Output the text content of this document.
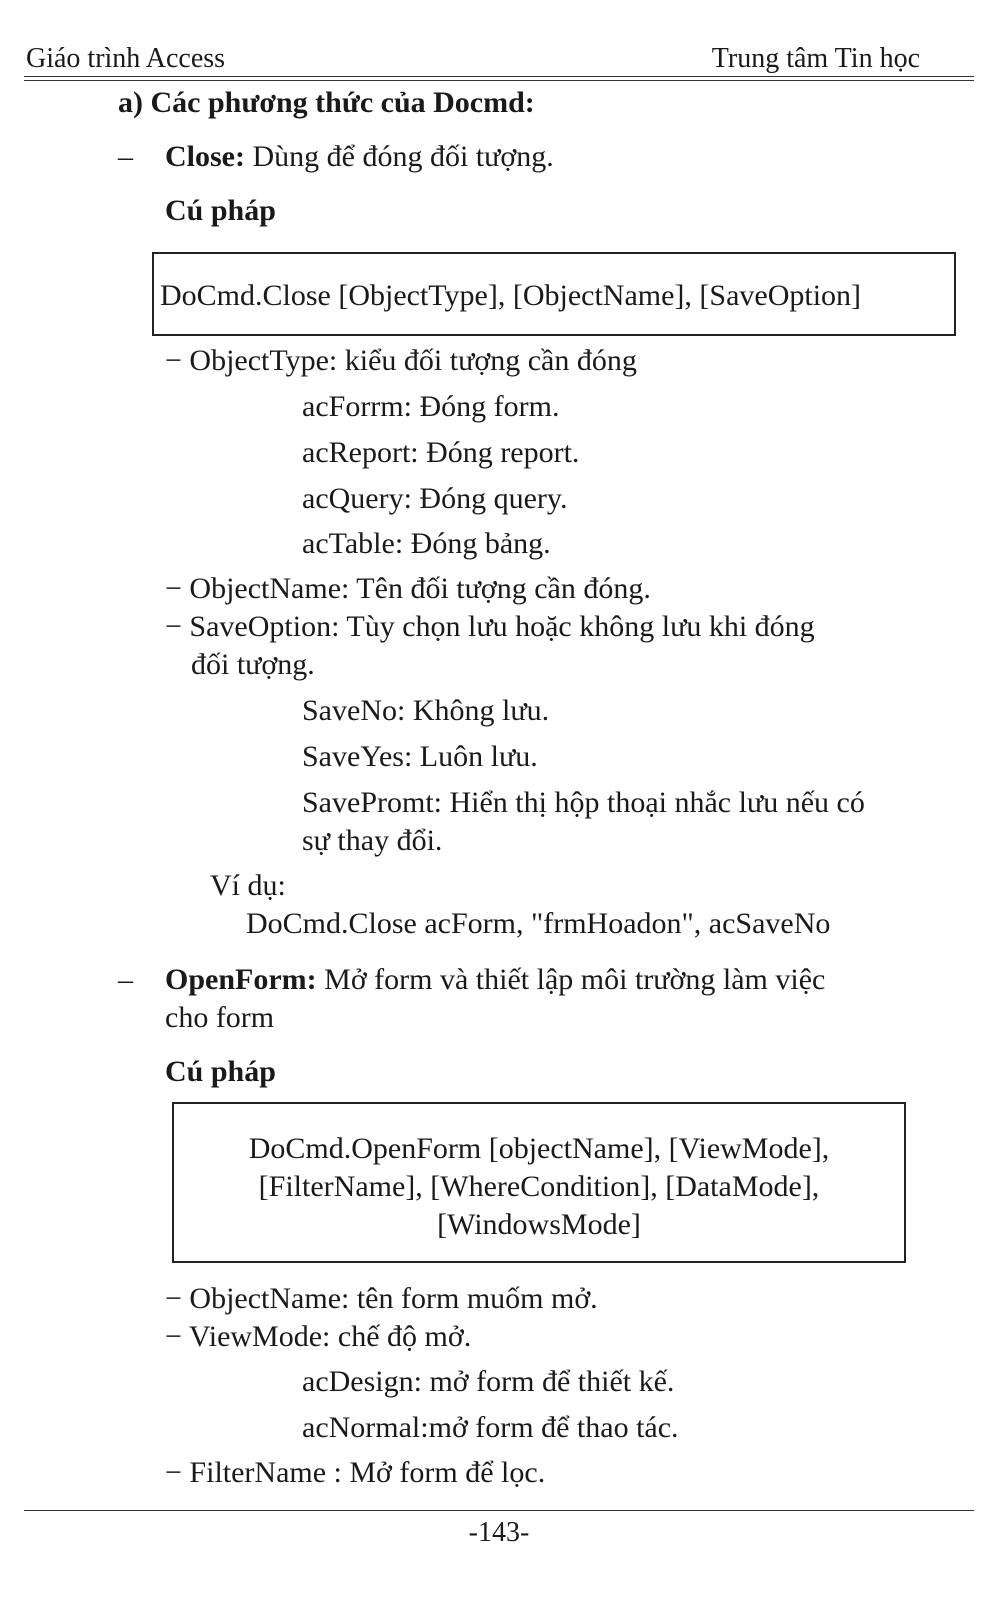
Giáo trình Access	Trung tâm Tin học
a) Các phương thức của Docmd:
– Close: Dùng để đóng đối tượng.
Cú pháp
DoCmd.Close [ObjectType], [ObjectName], [SaveOption]
− ObjectType: kiểu đối tượng cần đóng
acForrm: Đóng form.
acReport: Đóng report.
acQuery: Đóng query.
acTable: Đóng bảng.
− ObjectName: Tên đối tượng cần đóng.
− SaveOption: Tùy chọn lưu hoặc không lưu khi đóng
đối tượng.
SaveNo: Không lưu.
SaveYes: Luôn lưu.
SavePromt: Hiển thị hộp thoại nhắc lưu nếu có
sự thay đổi.
Ví dụ:
DoCmd.Close acForm, "frmHoadon", acSaveNo
– OpenForm: Mở form và thiết lập môi trường làm việc
cho form
Cú pháp
DoCmd.OpenForm [objectName], [ViewMode],
[FilterName], [WhereCondition], [DataMode],
[WindowsMode]
− ObjectName: tên form muốm mở.
− ViewMode: chế độ mở.
acDesign: mở form để thiết kế.
acNormal:mở form để thao tác.
− FilterName : Mở form để lọc.
-143-
